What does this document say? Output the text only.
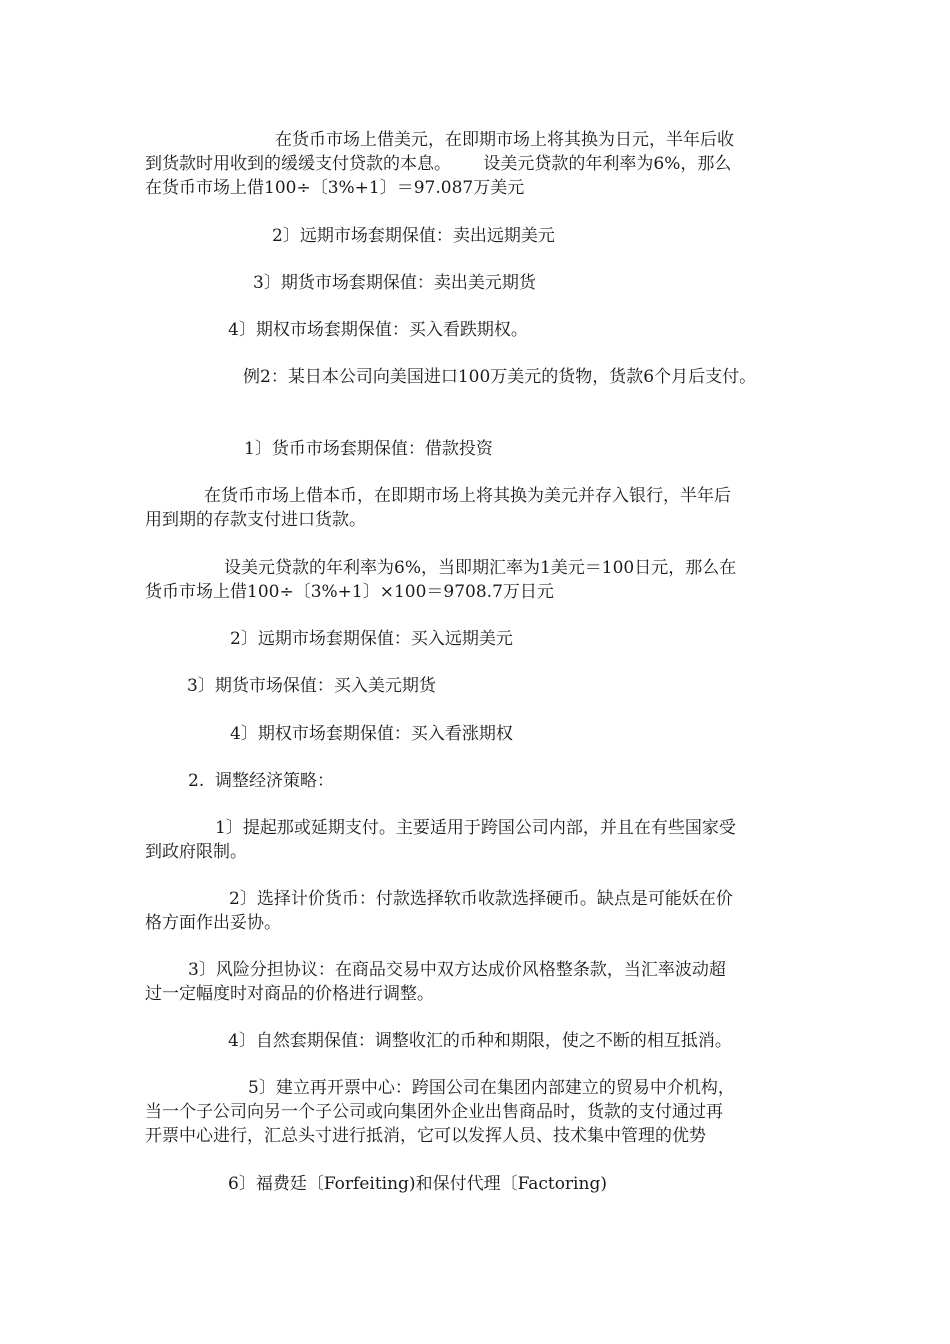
在货币市场上借美元，在即期市场上将其换为日元，半年后收
到货款时用收到的缓缓支付贷款的本息。      设美元贷款的年利率为6%，那么
在货币市场上借100÷〔3%+1〕＝97.087万美元
2〕远期市场套期保值：卖出远期美元
3〕期货市场套期保值：卖出美元期货
4〕期权市场套期保值：买入看跌期权。
例2：某日本公司向美国进口100万美元的货物，货款6个月后支付。
1〕货币市场套期保值：借款投资
在货币市场上借本币，在即期市场上将其换为美元并存入银行，半年后
用到期的存款支付进口货款。
设美元贷款的年利率为6%，当即期汇率为1美元＝100日元，那么在
货币市场上借100÷〔3%+1〕×100＝9708.7万日元
2〕远期市场套期保值：买入远期美元
3〕期货市场保值：买入美元期货
4〕期权市场套期保值：买入看涨期权
2.  调整经济策略：
1〕提起那或延期支付。主要适用于跨国公司内部，并且在有些国家受
到政府限制。
2〕选择计价货币：付款选择软币收款选择硬币。缺点是可能妖在价
格方面作出妥协。
3〕风险分担协议：在商品交易中双方达成价风格整条款，当汇率波动超
过一定幅度时对商品的价格进行调整。
4〕自然套期保值：调整收汇的币种和期限，使之不断的相互抵消。
5〕建立再开票中心：跨国公司在集团内部建立的贸易中介机构，
当一个子公司向另一个子公司或向集团外企业出售商品时，货款的支付通过再
开票中心进行，汇总头寸进行抵消，它可以发挥人员、技术集中管理的优势
6〕福费廷〔Forfeiting)和保付代理〔Factoring)
